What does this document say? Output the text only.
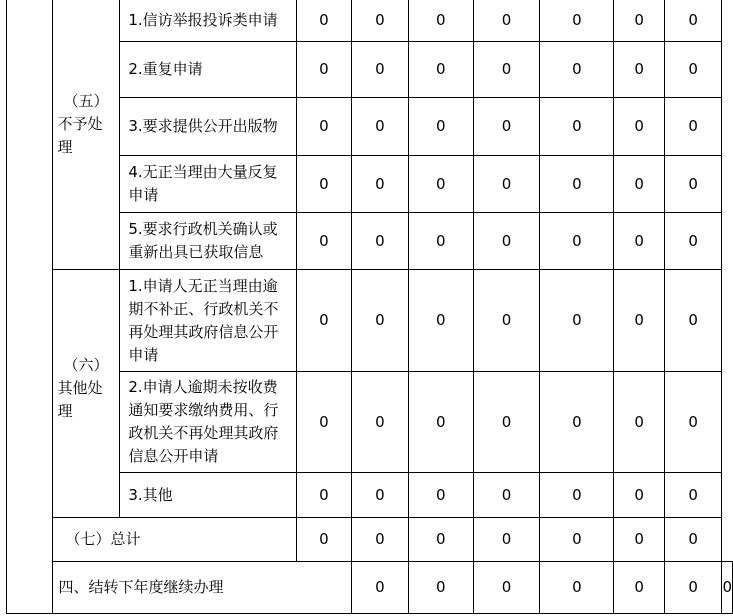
	（五）
不予处理	1.信访举报投诉类申请	0	0	0	0	0	0	0	
		2.重复申请	0	0	0	0	0	0	0	
		3.要求提供公开出版物	0	0	0	0	0	0	0	
		4.无正当理由大量反复申请	0	0	0	0	0	0	0	
		5.要求行政机关确认或重新出具已获取信息	0	0	0	0	0	0	0	

	（六）
其他处理	1.申请人无正当理由逾期不补正、行政机关不再处理其政府信息公开申请	0	0	0	0	0	0	0	
		2.申请人逾期未按收费通知要求缴纳费用、行政机关不再处理其政府信息公开申请	0	0	0	0	0	0	0	
		3.其他	0	0	0	0	0	0	0	
	（七）总计		0	0	0	0	0	0	0	
	四、结转下年度继续办理			0	0	0	0	0	0	0
